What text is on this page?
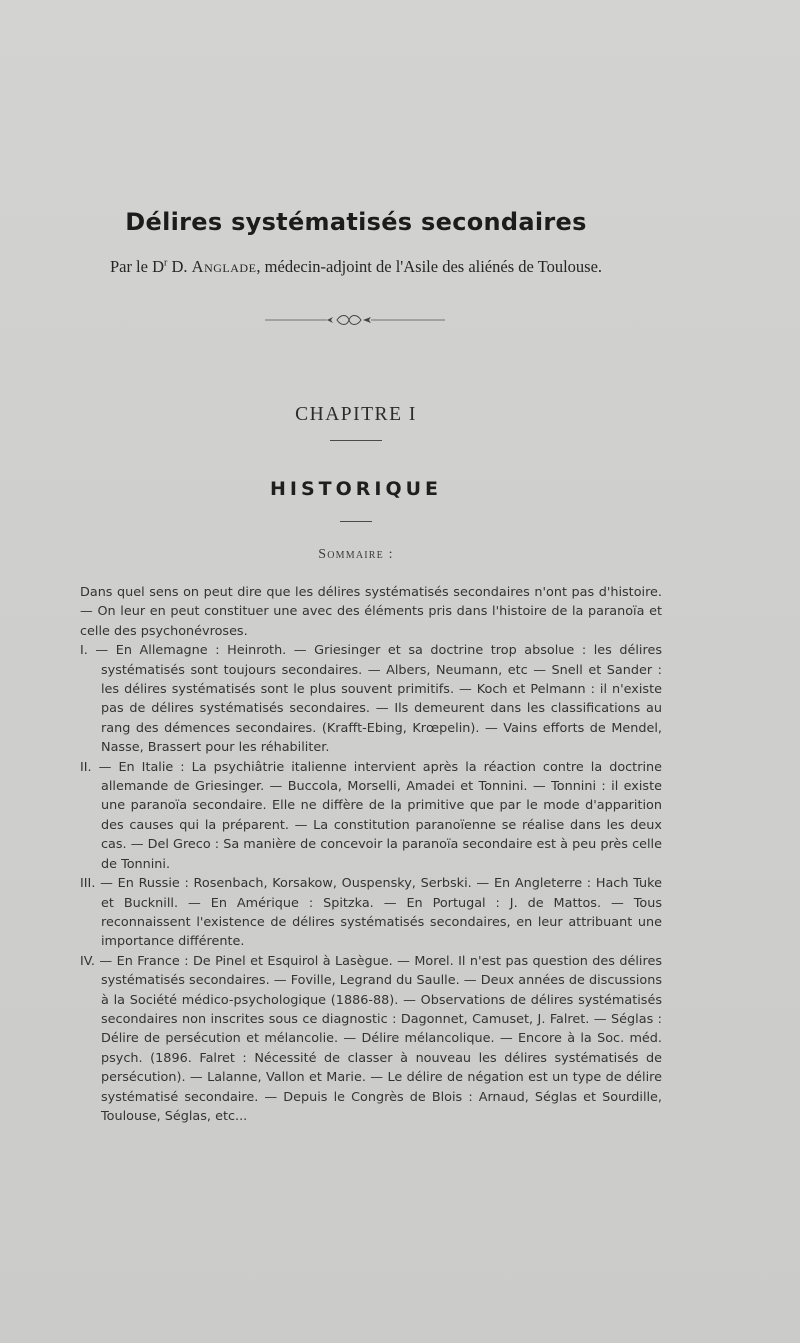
Délires systématisés secondaires
Par le $D^r$ D. Anglade, médecin-adjoint de l'Asile des aliénés de Toulouse.
CHAPITRE I
HISTORIQUE
Sommaire :

Dans quel sens on peut dire que les délires systématisés secondaires n'ont pas d'histoire.— On leur en peut constituer une avec des éléments pris dans l'histoire de la paranoïa et celle des psychonévroses.

I. — En Allemagne : Heinroth. — Griesinger et sa doctrine trop absolue : les délires systématisés sont toujours secondaires. — Albers, Neumann, etc — Snell et Sander : les délires systématisés sont le plus souvent primitifs. — Koch et Pelmann : il n'existe pas de délires systématisés secondaires. — Ils demeurent dans les classifications au rang des démences secondaires. (Krafft-Ebing, Krœpelin). — Vains efforts de Mendel, Nasse, Brassert pour les réhabiliter.

II. — En Italie : La psychiâtrie italienne intervient après la réaction contre la doctrine allemande de Griesinger. — Buccola, Morselli, Amadei et Tonnini. — Tonnini : il existe une paranoïa secondaire. Elle ne diffère de la primitive que par le mode d'apparition des causes qui la préparent. — La constitution paranoïenne se réalise dans les deux cas. — Del Greco : Sa manière de concevoir la paranoïa secondaire est à peu près celle de Tonnini.

III. — En Russie : Rosenbach, Korsakow, Ouspensky, Serbski. — En Angleterre : Hach Tuke et Bucknill. — En Amérique : Spitzka. — En Portugal : J. de Mattos. — Tous reconnaissent l'existence de délires systématisés secondaires, en leur attribuant une importance différente.

IV. — En France : De Pinel et Esquirol à Lasègue. — Morel. Il n'est pas question des délires systématisés secondaires. — Foville, Legrand du Saulle. — Deux années de discussions à la Société médico-psychologique (1886-88). — Observations de délires systématisés secondaires non inscrites sous ce diagnostic : Dagonnet, Camuset, J. Falret. — Séglas : Délire de persécution et mélancolie. — Délire mélancolique. — Encore à la Soc. méd. psych. (1896. Falret : Nécessité de classer à nouveau les délires systématisés de persécution). — Lalanne, Vallon et Marie. — Le délire de négation est un type de délire systématisé secondaire. — Depuis le Congrès de Blois : Arnaud, Séglas et Sourdille, Toulouse, Séglas, etc...
